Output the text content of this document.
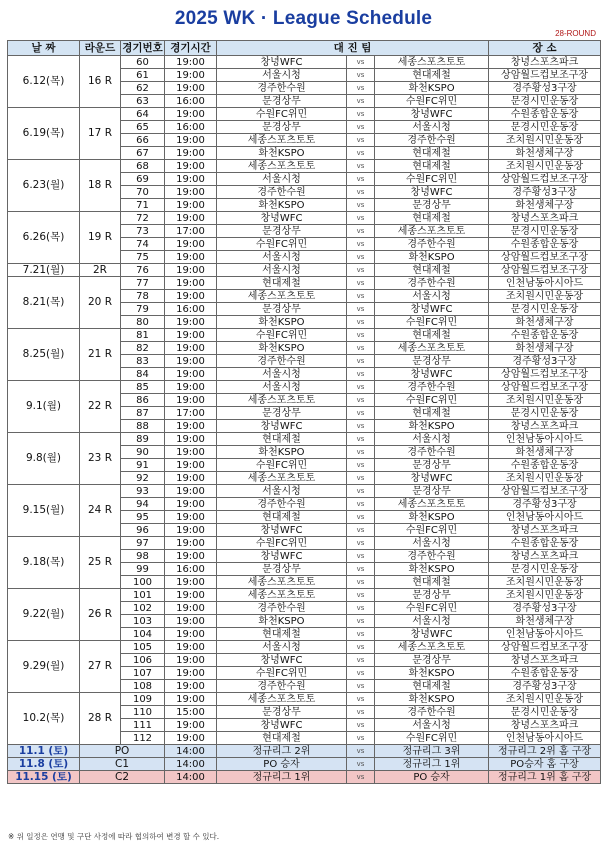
2025 WK · League Schedule
28-ROUND
날 짜	라운드	경기번호	경기시간	대 진 팀			장 소
6.12(목)	16 R	60	19:00	창녕WFC	vs	세종스포츠토토	창녕스포츠파크
		61	19:00	서울시청	vs	현대제철	상암월드컵보조구장
		62	19:00	경주한수원	vs	화천KSPO	경주황성3구장
		63	16:00	문경상무	vs	수원FC위민	문경시민운동장
6.19(목)	17 R	64	19:00	수원FC위민	vs	창녕WFC	수원종합운동장
		65	16:00	문경상무	vs	서울시청	문경시민운동장
		66	19:00	세종스포츠토토	vs	경주한수원	조치원시민운동장
		67	19:00	화천KSPO	vs	현대제철	화천생체구장
6.23(월)	18 R	68	19:00	세종스포츠토토	vs	현대제철	조치원시민운동장
		69	19:00	서울시청	vs	수원FC위민	상암월드컵보조구장
		70	19:00	경주한수원	vs	창녕WFC	경주황성3구장
		71	19:00	화천KSPO	vs	문경상무	화천생체구장
6.26(목)	19 R	72	19:00	창녕WFC	vs	현대제철	창녕스포츠파크
		73	17:00	문경상무	vs	세종스포츠토토	문경시민운동장
		74	19:00	수원FC위민	vs	경주한수원	수원종합운동장
		75	19:00	서울시청	vs	화천KSPO	상암월드컵보조구장
7.21(월)	2R	76	19:00	서울시청	vs	현대제철	상암월드컵보조구장
8.21(목)	20 R	77	19:00	현대제철	vs	경주한수원	인천남동아시아드
		78	19:00	세종스포츠토토	vs	서울시청	조치원시민운동장
		79	16:00	문경상무	vs	창녕WFC	문경시민운동장
		80	19:00	화천KSPO	vs	수원FC위민	화천생체구장
8.25(월)	21 R	81	19:00	수원FC위민	vs	현대제철	수원종합운동장
		82	19:00	화천KSPO	vs	세종스포츠토토	화천생체구장
		83	19:00	경주한수원	vs	문경상무	경주황성3구장
		84	19:00	서울시청	vs	창녕WFC	상암월드컵보조구장
9.1(월)	22 R	85	19:00	서울시청	vs	경주한수원	상암월드컵보조구장
		86	19:00	세종스포츠토토	vs	수원FC위민	조치원시민운동장
		87	17:00	문경상무	vs	현대제철	문경시민운동장
		88	19:00	창녕WFC	vs	화천KSPO	창녕스포츠파크
9.8(월)	23 R	89	19:00	현대제철	vs	서울시청	인천남동아시아드
		90	19:00	화천KSPO	vs	경주한수원	화천생체구장
		91	19:00	수원FC위민	vs	문경상무	수원종합운동장
		92	19:00	세종스포츠토토	vs	창녕WFC	조치원시민운동장
9.15(월)	24 R	93	19:00	서울시청	vs	문경상무	상암월드컵보조구장
		94	19:00	경주한수원	vs	세종스포츠토토	경주황성3구장
		95	19:00	현대제철	vs	화천KSPO	인천남동아시아드
		96	19:00	창녕WFC	vs	수원FC위민	창녕스포츠파크
9.18(목)	25 R	97	19:00	수원FC위민	vs	서울시청	수원종합운동장
		98	19:00	창녕WFC	vs	경주한수원	창녕스포츠파크
		99	16:00	문경상무	vs	화천KSPO	문경시민운동장
		100	19:00	세종스포츠토토	vs	현대제철	조치원시민운동장
9.22(월)	26 R	101	19:00	세종스포츠토토	vs	문경상무	조치원시민운동장
		102	19:00	경주한수원	vs	수원FC위민	경주황성3구장
		103	19:00	화천KSPO	vs	서울시청	화천생체구장
		104	19:00	현대제철	vs	창녕WFC	인천남동아시아드
9.29(월)	27 R	105	19:00	서울시청	vs	세종스포츠토토	상암월드컵보조구장
		106	19:00	창녕WFC	vs	문경상무	창녕스포츠파크
		107	19:00	수원FC위민	vs	화천KSPO	수원종합운동장
		108	19:00	경주한수원	vs	현대제철	경주황성3구장
10.2(목)	28 R	109	19:00	세종스포츠토토	vs	화천KSPO	조치원시민운동장
		110	15:00	문경상무	vs	경주한수원	문경시민운동장
		111	19:00	창녕WFC	vs	서울시청	창녕스포츠파크
		112	19:00	현대제철	vs	수원FC위민	인천남동아시아드
11.1 (토)	PO		14:00	정규리그 2위	vs	정규리그 3위	정규리그 2위 홈 구장
11.8 (토)	C1		14:00	PO 승자	vs	정규리그 1위	PO승자 홈 구장
11.15 (토)	C2		14:00	정규리그 1위	vs	PO 승자	정규리그 1위 홈 구장
※ 위 일정은 연맹 및 구단 사정에 따라 협의하여 변경 할 수 있다.
